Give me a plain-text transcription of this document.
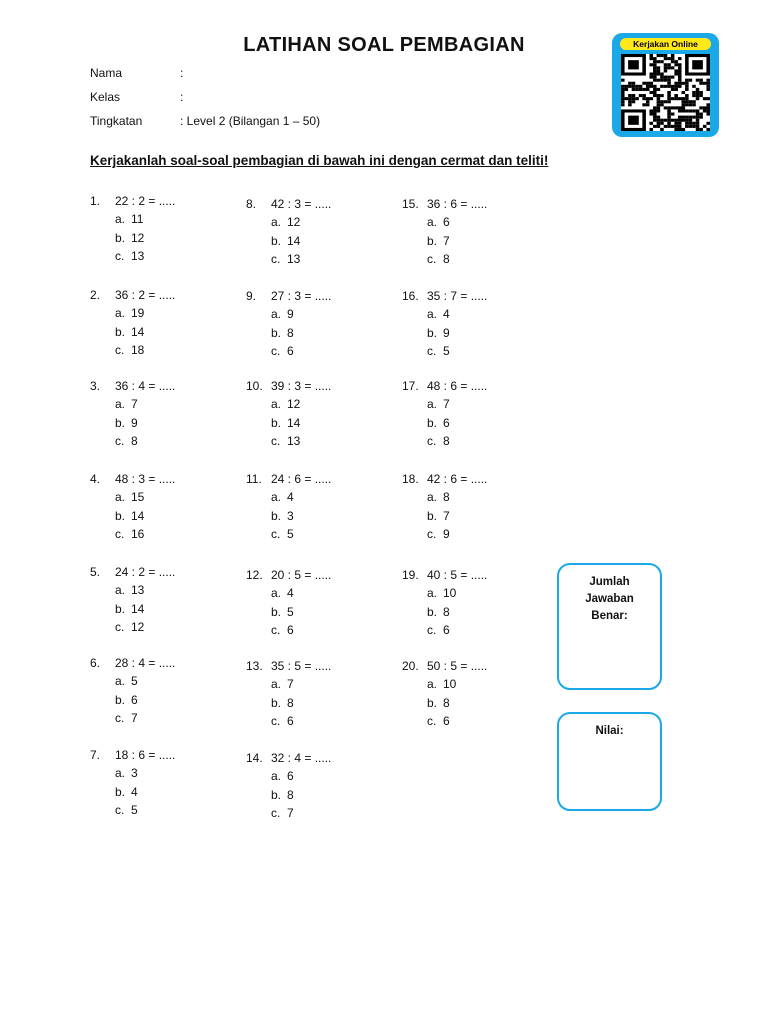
LATIHAN SOAL PEMBAGIAN	Kerjakan Online
Nama	:
Kelas	:
Tingkatan	: Level 2 (Bilangan 1 – 50)
Kerjakanlah soal-soal pembagian di bawah ini dengan cermat dan teliti!
1. 22 : 2 = .....
a. 11
b. 12
c. 13
2. 36 : 2 = .....
a. 19
b. 14
c. 18
3. 36 : 4 = .....
a. 7
b. 9
c. 8
4. 48 : 3 = .....
a. 15
b. 14
c. 16
5. 24 : 2 = .....
a. 13
b. 14
c. 12
6. 28 : 4 = .....
a. 5
b. 6
c. 7
7. 18 : 6 = .....
a. 3
b. 4
c. 5
8. 42 : 3 = .....
a. 12
b. 14
c. 13
9. 27 : 3 = .....
a. 9
b. 8
c. 6
10. 39 : 3 = .....
a. 12
b. 14
c. 13
11. 24 : 6 = .....
a. 4
b. 3
c. 5
12. 20 : 5 = .....
a. 4
b. 5
c. 6
13. 35 : 5 = .....
a. 7
b. 8
c. 6
14. 32 : 4 = .....
a. 6
b. 8
c. 7
15. 36 : 6 = .....
a. 6
b. 7
c. 8
16. 35 : 7 = .....
a. 4
b. 9
c. 5
17. 48 : 6 = .....
a. 7
b. 6
c. 8
18. 42 : 6 = .....
a. 8
b. 7
c. 9
19. 40 : 5 = .....
a. 10
b. 8
c. 6
20. 50 : 5 = .....
a. 10
b. 8
c. 6
Jumlah
Jawaban
Benar:
Nilai:
